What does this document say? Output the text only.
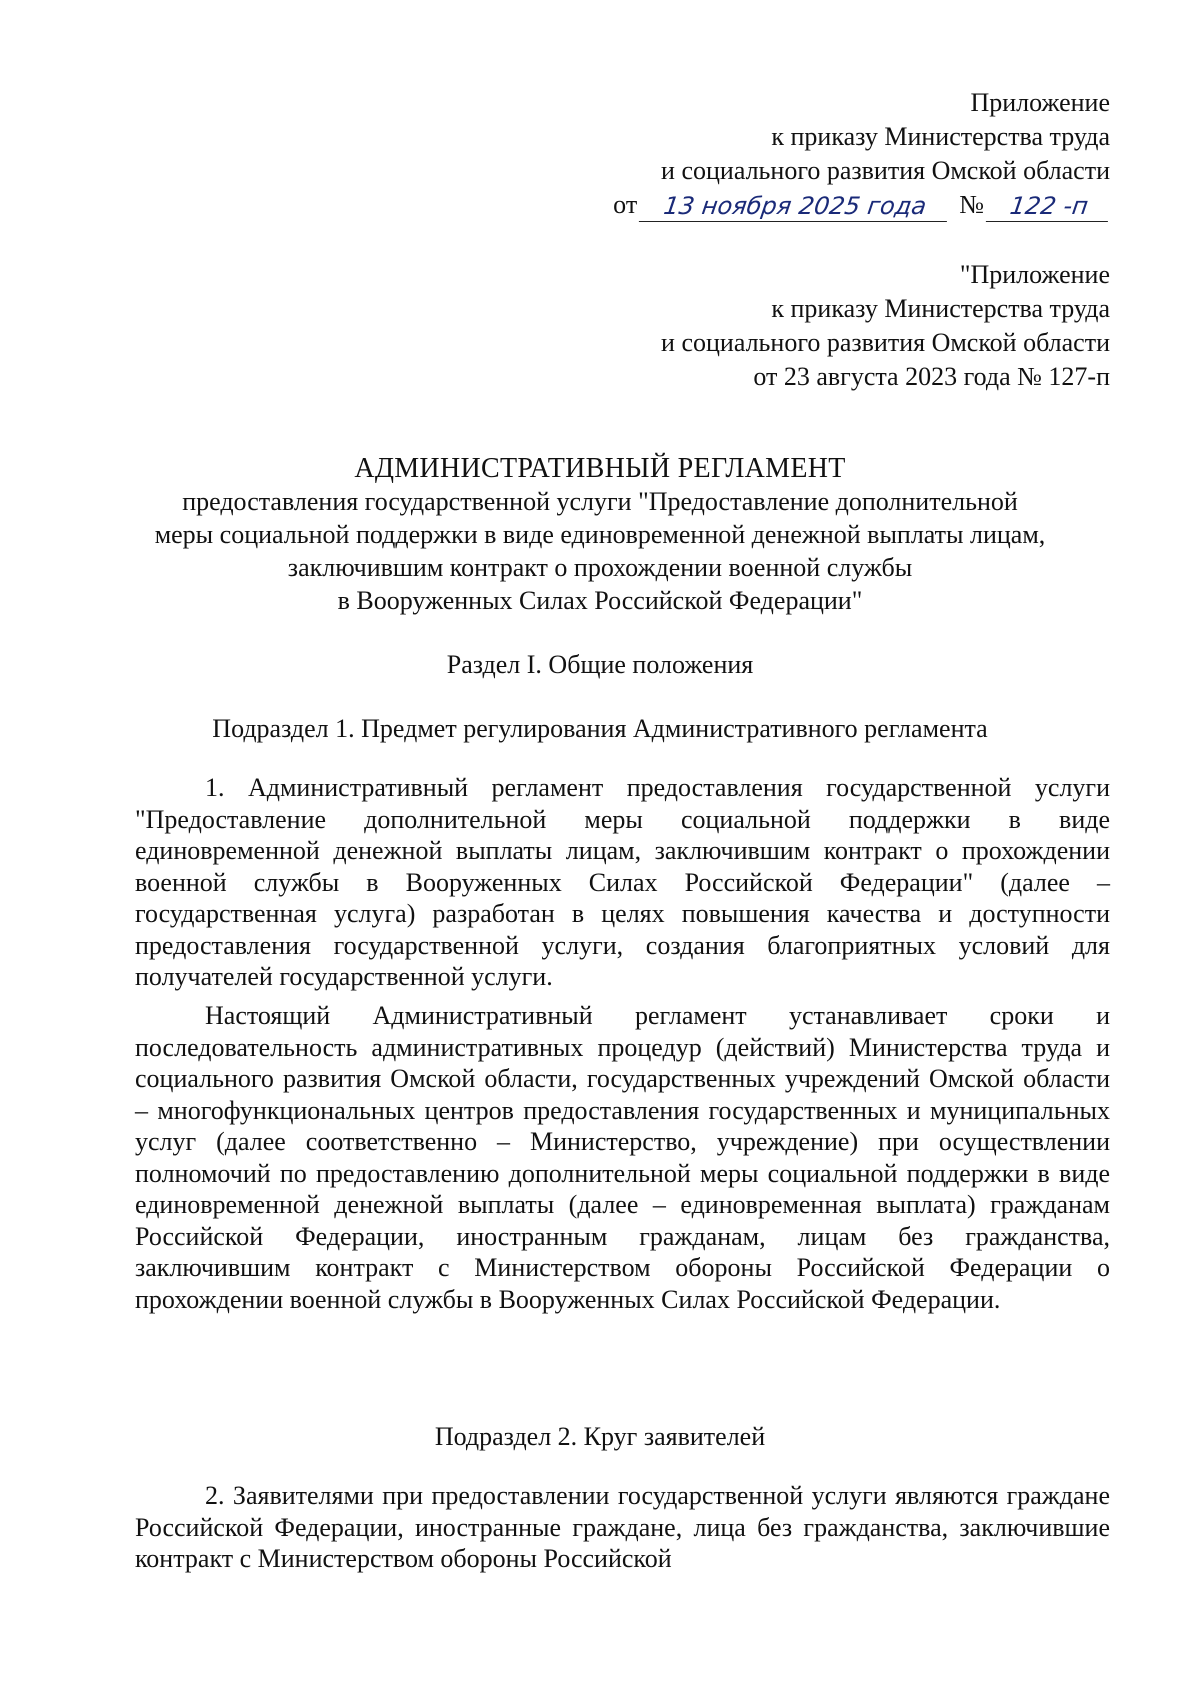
Приложение
к приказу Министерства труда
и социального развития Омской области
от	13 ноября 2025 года	№	122 -п
"Приложение
к приказу Министерства труда
и социального развития Омской области
от 23 августа 2023 года № 127-п
АДМИНИСТРАТИВНЫЙ РЕГЛАМЕНТ
предоставления государственной услуги "Предоставление дополнительной
меры социальной поддержки в виде единовременной денежной выплаты лицам,
заключившим контракт о прохождении военной службы
в Вооруженных Силах Российской Федерации"
Раздел I. Общие положения
Подраздел 1. Предмет регулирования Административного регламента

1. Административный регламент предоставления государственной услуги "Предоставление дополнительной меры социальной поддержки в виде единовременной денежной выплаты лицам, заключившим контракт о прохождении военной службы в Вооруженных Силах Российской Федерации" (далее – государственная услуга) разработан в целях повышения качества и доступности предоставления государственной услуги, создания благоприятных условий для получателей государственной услуги.

Настоящий Административный регламент устанавливает сроки и последовательность административных процедур (действий) Министерства труда и социального развития Омской области, государственных учреждений Омской области – многофункциональных центров предоставления государственных и муниципальных услуг (далее соответственно – Министерство, учреждение) при осуществлении полномочий по предоставлению дополнительной меры социальной поддержки в виде единовременной денежной выплаты (далее – единовременная выплата) гражданам Российской Федерации, иностранным гражданам, лицам без гражданства, заключившим контракт с Министерством обороны Российской Федерации о прохождении военной службы в Вооруженных Силах Российской Федерации.

Подраздел 2. Круг заявителей

2. Заявителями при предоставлении государственной услуги являются граждане Российской Федерации, иностранные граждане, лица без гражданства, заключившие контракт с Министерством обороны Российской
